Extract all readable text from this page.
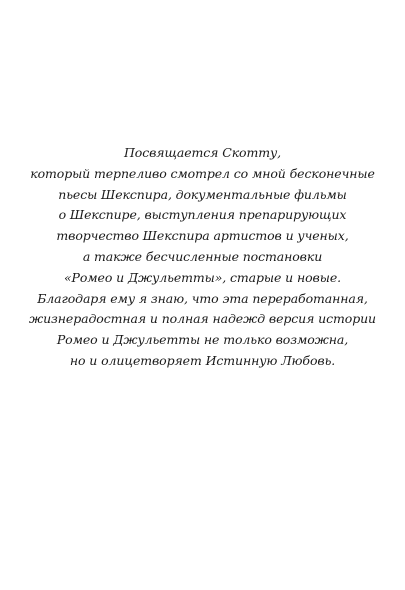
Посвящается Скотту,
который терпеливо смотрел со мной бесконечные
пьесы Шекспира, документальные фильмы
о Шекспире, выступления препарирующих
творчество Шекспира артистов и ученых,
а также бесчисленные постановки
«Ромео и Джульетты», старые и новые.
Благодаря ему я знаю, что эта переработанная,
жизнерадостная и полная надежд версия истории
Ромео и Джульетты не только возможна,
но и олицетворяет Истинную Любовь.
